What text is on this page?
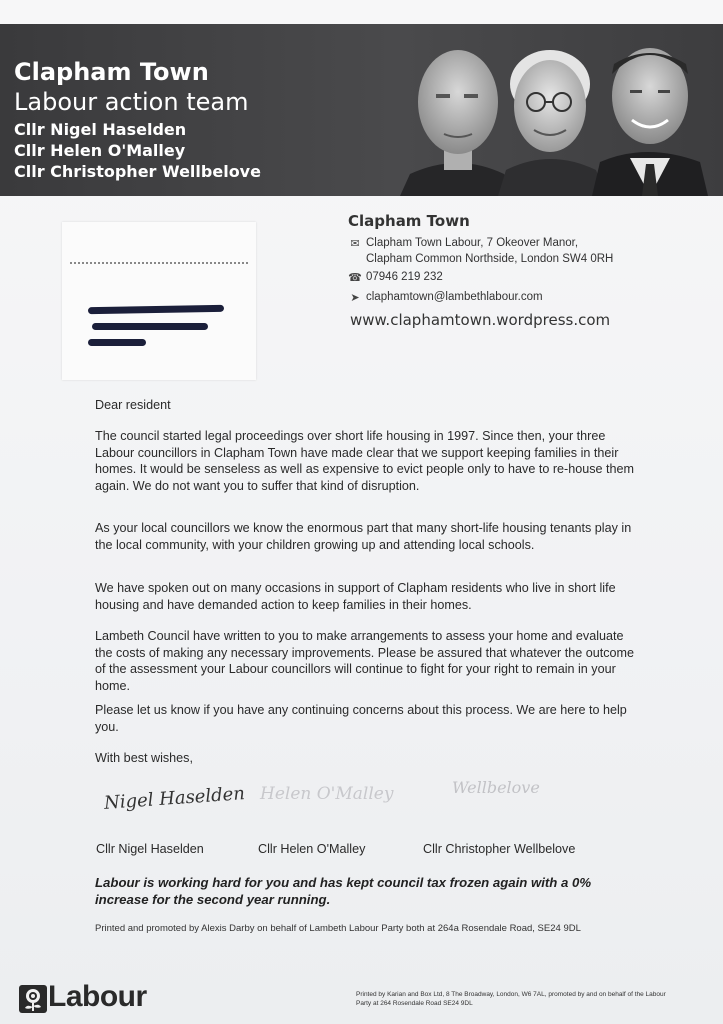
Clapham Town
Labour action team
Cllr Nigel Haselden
Cllr Helen O'Malley
Cllr Christopher Wellbelove
Clapham Town
✉ Clapham Town Labour, 7 Okeover Manor,
Clapham Common Northside, London SW4 0RH
☎ 07946 219 232
➤ claphamtown@lambethlabour.com
www.claphamtown.wordpress.com
Dear resident

The council started legal proceedings over short life housing in 1997. Since then, your three Labour councillors in Clapham Town have made clear that we support keeping families in their homes. It would be senseless as well as expensive to evict people only to have to re-house them again. We do not want you to suffer that kind of disruption.

As your local councillors we know the enormous part that many short-life housing tenants play in the local community, with your children growing up and attending local schools.

We have spoken out on many occasions in support of Clapham residents who live in short life housing and have demanded action to keep families in their homes.

Lambeth Council have written to you to make arrangements to assess your home and evaluate the costs of making any necessary improvements. Please be assured that whatever the outcome of the assessment your Labour councillors will continue to fight for your right to remain in your home.

Please let us know if you have any continuing concerns about this process. We are here to help you.

With best wishes,
Nigel Haselden Helen O'Malley	Wellbelove
Cllr Nigel Haselden	Cllr Helen O'Malley	Cllr Christopher Wellbelove
Labour is working hard for you and has kept council tax frozen again with a 0% increase for the second year running.
Printed and promoted by Alexis Darby on behalf of Lambeth Labour Party both at 264a Rosendale Road, SE24 9DL
Labour	Printed by Karian and Box Ltd, 8 The Broadway, London, W6 7AL, promoted by and on behalf of the Labour Party at 264 Rosendale Road SE24 9DL
